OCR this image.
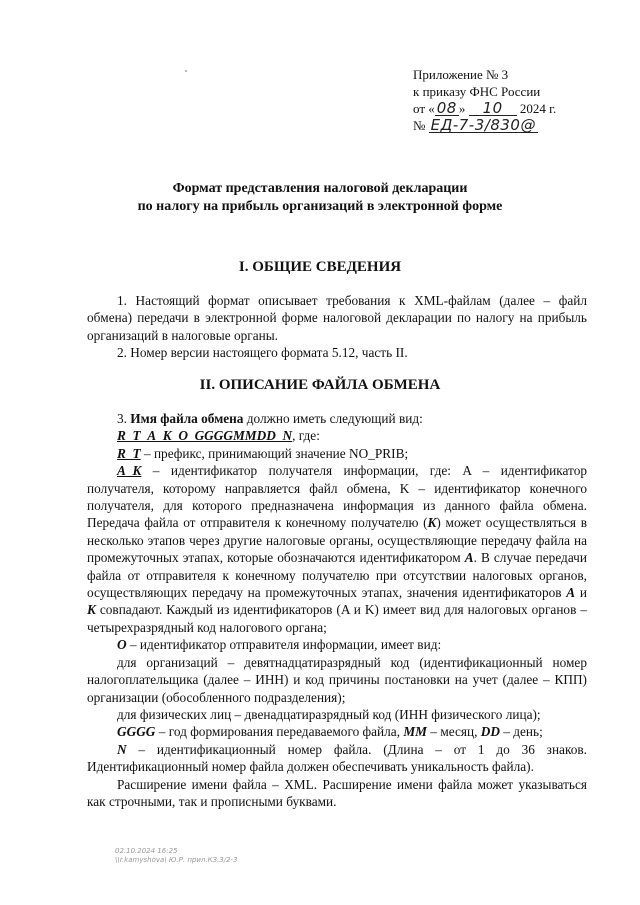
Приложение № 3
к приказу ФНС России
от « 08 » 10 2024 г.
№ ЕД-7-3/830@
Формат представления налоговой декларации
по налогу на прибыль организаций в электронной форме
I. ОБЩИЕ СВЕДЕНИЯ

1. Настоящий формат описывает требования к XML-файлам (далее – файл обмена) передачи в электронной форме налоговой декларации по налогу на прибыль организаций в налоговые органы.

2. Номер версии настоящего формата 5.12, часть II.

II. ОПИСАНИЕ ФАЙЛА ОБМЕНА

3. Имя файла обмена должно иметь следующий вид:

R_T_A_K_O_GGGGMMDD_N, где:

R_T – префикс, принимающий значение NO_PRIB;

A_K – идентификатор получателя информации, где: A – идентификатор получателя, которому направляется файл обмена, K – идентификатор конечного получателя, для которого предназначена информация из данного файла обмена. Передача файла от отправителя к конечному получателю (K) может осуществляться в несколько этапов через другие налоговые органы, осуществляющие передачу файла на промежуточных этапах, которые обозначаются идентификатором A. В случае передачи файла от отправителя к конечному получателю при отсутствии налоговых органов, осуществляющих передачу на промежуточных этапах, значения идентификаторов A и K совпадают. Каждый из идентификаторов (A и K) имеет вид для налоговых органов – четырехразрядный код налогового органа;

O – идентификатор отправителя информации, имеет вид:

для организаций – девятнадцатиразрядный код (идентификационный номер налогоплательщика (далее – ИНН) и код причины постановки на учет (далее – КПП) организации (обособленного подразделения);

для физических лиц – двенадцатиразрядный код (ИНН физического лица);

GGGG – год формирования передаваемого файла, MM – месяц, DD – день;

N – идентификационный номер файла. (Длина – от 1 до 36 знаков. Идентификационный номер файла должен обеспечивать уникальность файла).

Расширение имени файла – XML. Расширение имени файла может указываться как строчными, так и прописными буквами.

02.10.2024 16:25
\\r.kamyshova\ Ю.Р. прил.КЗ.3/2-3
